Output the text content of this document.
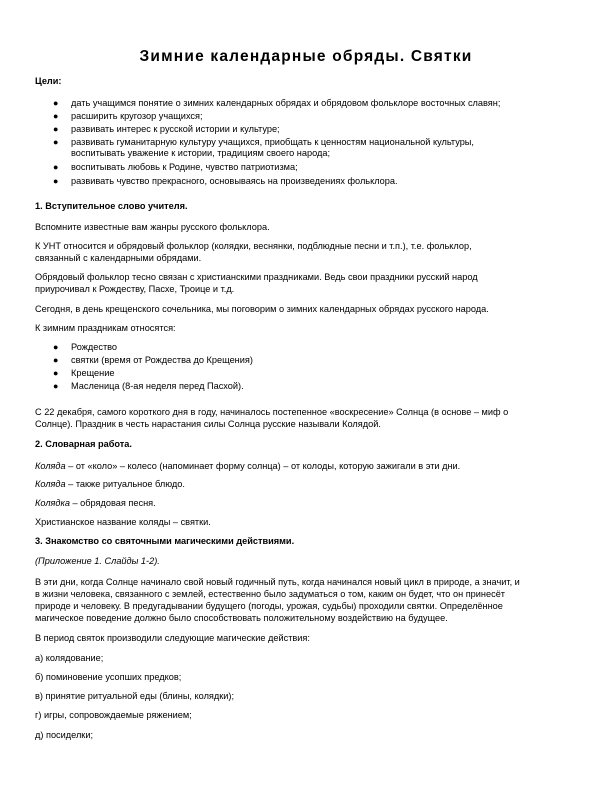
Зимние календарные обряды. Святки
Цели:
● дать учащимся понятие о зимних календарных обрядах и обрядовом фольклоре восточных славян;
● расширить кругозор учащихся;
● развивать интерес к русской истории и культуре;
● развивать гуманитарную культуру учащихся, приобщать к ценностям национальной культуры,
воспитывать уважение к истории, традициям своего народа;
● воспитывать любовь к Родине, чувство патриотизма;
● развивать чувство прекрасного, основываясь на произведениях фольклора.
1. Вступительное слово учителя.
Вспомните известные вам жанры русского фольклора.
К УНТ относится и обрядовый фольклор (колядки, веснянки, подблюдные песни и т.п.), т.е. фольклор,
связанный с календарными обрядами.
Обрядовый фольклор тесно связан с христианскими праздниками. Ведь свои праздники русский народ
приурочивал к Рождеству, Пасхе, Троице и т.д.
Сегодня, в день крещенского сочельника, мы поговорим о зимних календарных обрядах русского народа.
К зимним праздникам относятся:
● Рождество
● святки (время от Рождества до Крещения)
● Крещение
● Масленица (8-ая неделя перед Пасхой).
С 22 декабря, самого короткого дня в году, начиналось постепенное «воскресение» Солнца (в основе – миф о
Солнце). Праздник в честь нарастания силы Солнца русские называли Колядой.
2. Словарная работа.
Коляда – от «коло» – колесо (напоминает форму солнца) – от колоды, которую зажигали в эти дни.
Коляда – также ритуальное блюдо.
Колядка – обрядовая песня.
Христианское название коляды – святки.
3. Знакомство со святочными магическими действиями.
(Приложение 1. Слайды 1-2).
В эти дни, когда Солнце начинало свой новый годичный путь, когда начинался новый цикл в природе, а значит, и
в жизни человека, связанного с землей, естественно было задуматься о том, каким он будет, что он принесёт
природе и человеку. В предугадывании будущего (погоды, урожая, судьбы) проходили святки. Определённое
магическое поведение должно было способствовать положительному воздействию на будущее.
В период святок производили следующие магические действия:
а) колядование;
б) поминовение усопших предков;
в) принятие ритуальной еды (блины, колядки);
г) игры, сопровождаемые ряжением;
д) посиделки;
